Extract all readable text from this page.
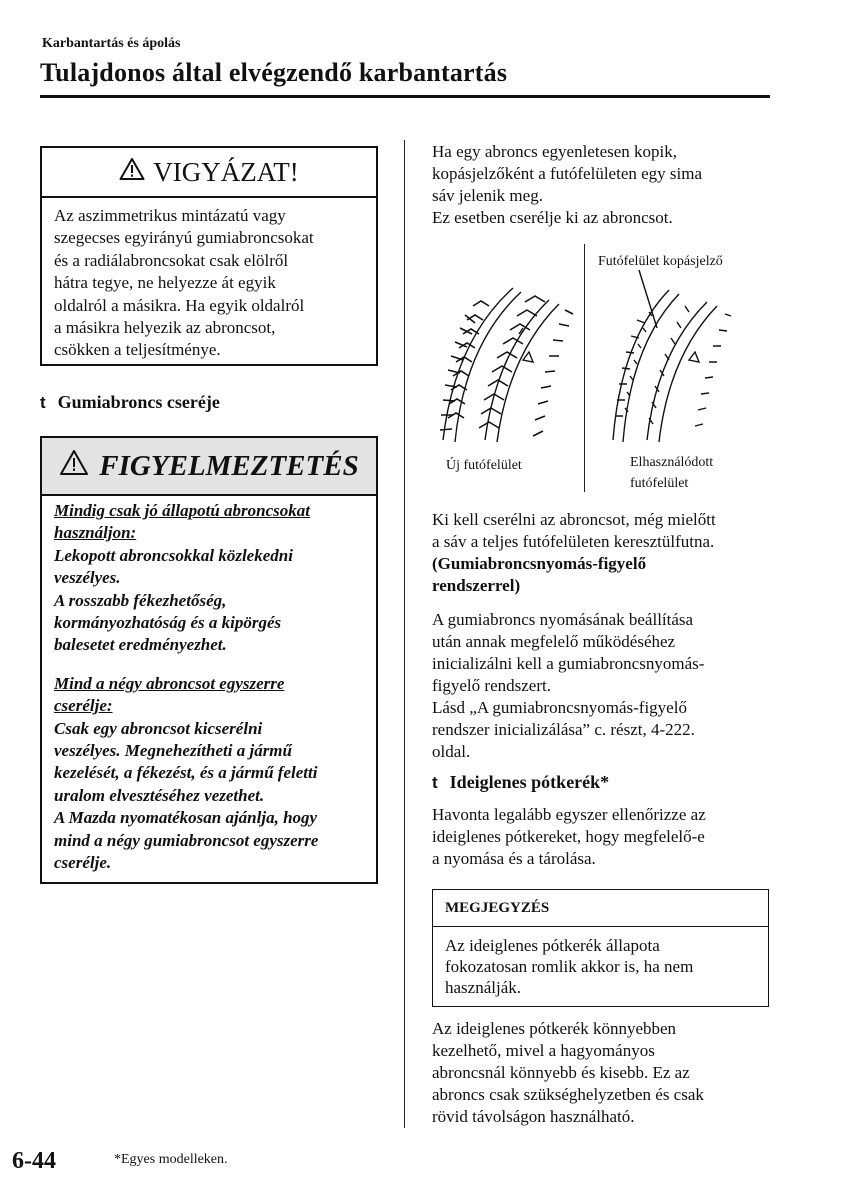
Karbantartás és ápolás
Tulajdonos által elvégzendő karbantartás
VIGYÁZAT!
Az aszimmetrikus mintázatú vagy
szegecses egyirányú gumiabroncsokat
és a radiálabroncsokat csak elölről
hátra tegye, ne helyezze át egyik
oldalról a másikra. Ha egyik oldalról
a másikra helyezik az abroncsot,
csökken a teljesítménye.
t Gumiabroncs cseréje
FIGYELMEZTETÉS
Mindig csak jó állapotú abroncsokat
használjon:
Lekopott abroncsokkal közlekedni
veszélyes.
A rosszabb fékezhetőség,
kormányozhatóság és a kipörgés
balesetet eredményezhet.
Mind a négy abroncsot egyszerre
cserélje:
Csak egy abroncsot kicserélni
veszélyes. Megnehezítheti a jármű
kezelését, a fékezést, és a jármű feletti
uralom elvesztéséhez vezethet.
A Mazda nyomatékosan ajánlja, hogy
mind a négy gumiabroncsot egyszerre
cserélje.
Ha egy abroncs egyenletesen kopik,
kopásjelzőként a futófelületen egy sima
sáv jelenik meg.
Ez esetben cserélje ki az abroncsot.
Futófelület kopásjelző
Új futófelület	Elhasználódott
futófelület
Ki kell cserélni az abroncsot, még mielőtt
a sáv a teljes futófelületen keresztülfutna.
(Gumiabroncsnyomás-figyelő
rendszerrel)
A gumiabroncs nyomásának beállítása
után annak megfelelő működéséhez
inicializálni kell a gumiabroncsnyomás-
figyelő rendszert.
Lásd „A gumiabroncsnyomás-figyelő
rendszer inicializálása” c. részt, 4-222.
oldal.
t Ideiglenes pótkerék*
Havonta legalább egyszer ellenőrizze az
ideiglenes pótkereket, hogy megfelelő-e
a nyomása és a tárolása.
MEGJEGYZÉS
Az ideiglenes pótkerék állapota
fokozatosan romlik akkor is, ha nem
használják.
Az ideiglenes pótkerék könnyebben
kezelhető, mivel a hagyományos
abroncsnál könnyebb és kisebb. Ez az
abroncs csak szükséghelyzetben és csak
rövid távolságon használható.
6-44	*Egyes modelleken.
